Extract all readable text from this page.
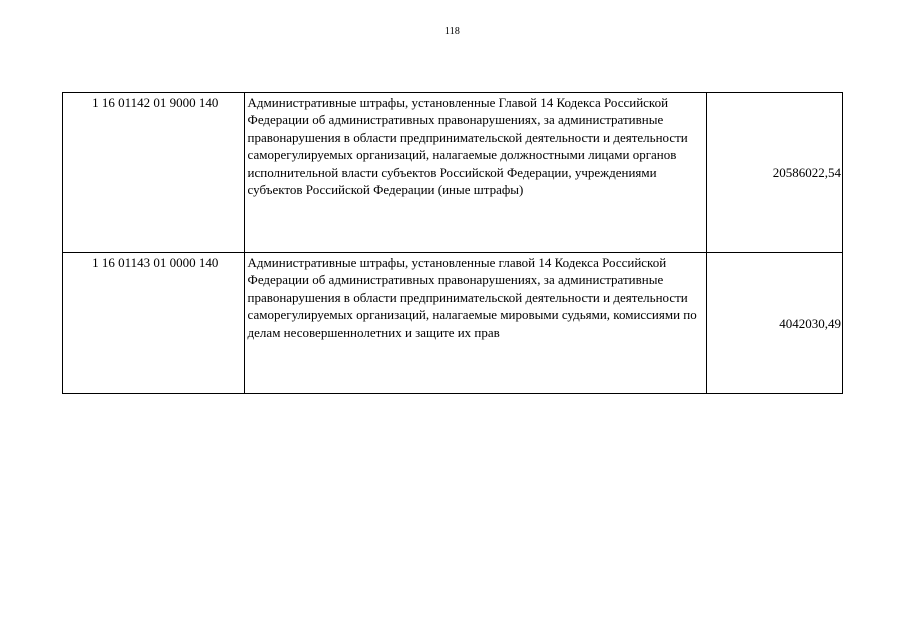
118
1 16 01142 01 9000 140	Административные штрафы, установленные Главой 14 Кодекса Российской Федерации об административных правонарушениях, за административные правонарушения в области предпринимательской деятельности и деятельности саморегулируемых организаций, налагаемые должностными лицами органов исполнительной власти субъектов Российской Федерации, учреждениями субъектов Российской Федерации (иные штрафы)	20586022,54
1 16 01143 01 0000 140	Административные штрафы, установленные главой 14 Кодекса Российской Федерации об административных правонарушениях, за административные правонарушения в области предпринимательской деятельности и деятельности саморегулируемых организаций, налагаемые мировыми судьями, комиссиями по делам несовершеннолетних и защите их прав	4042030,49
